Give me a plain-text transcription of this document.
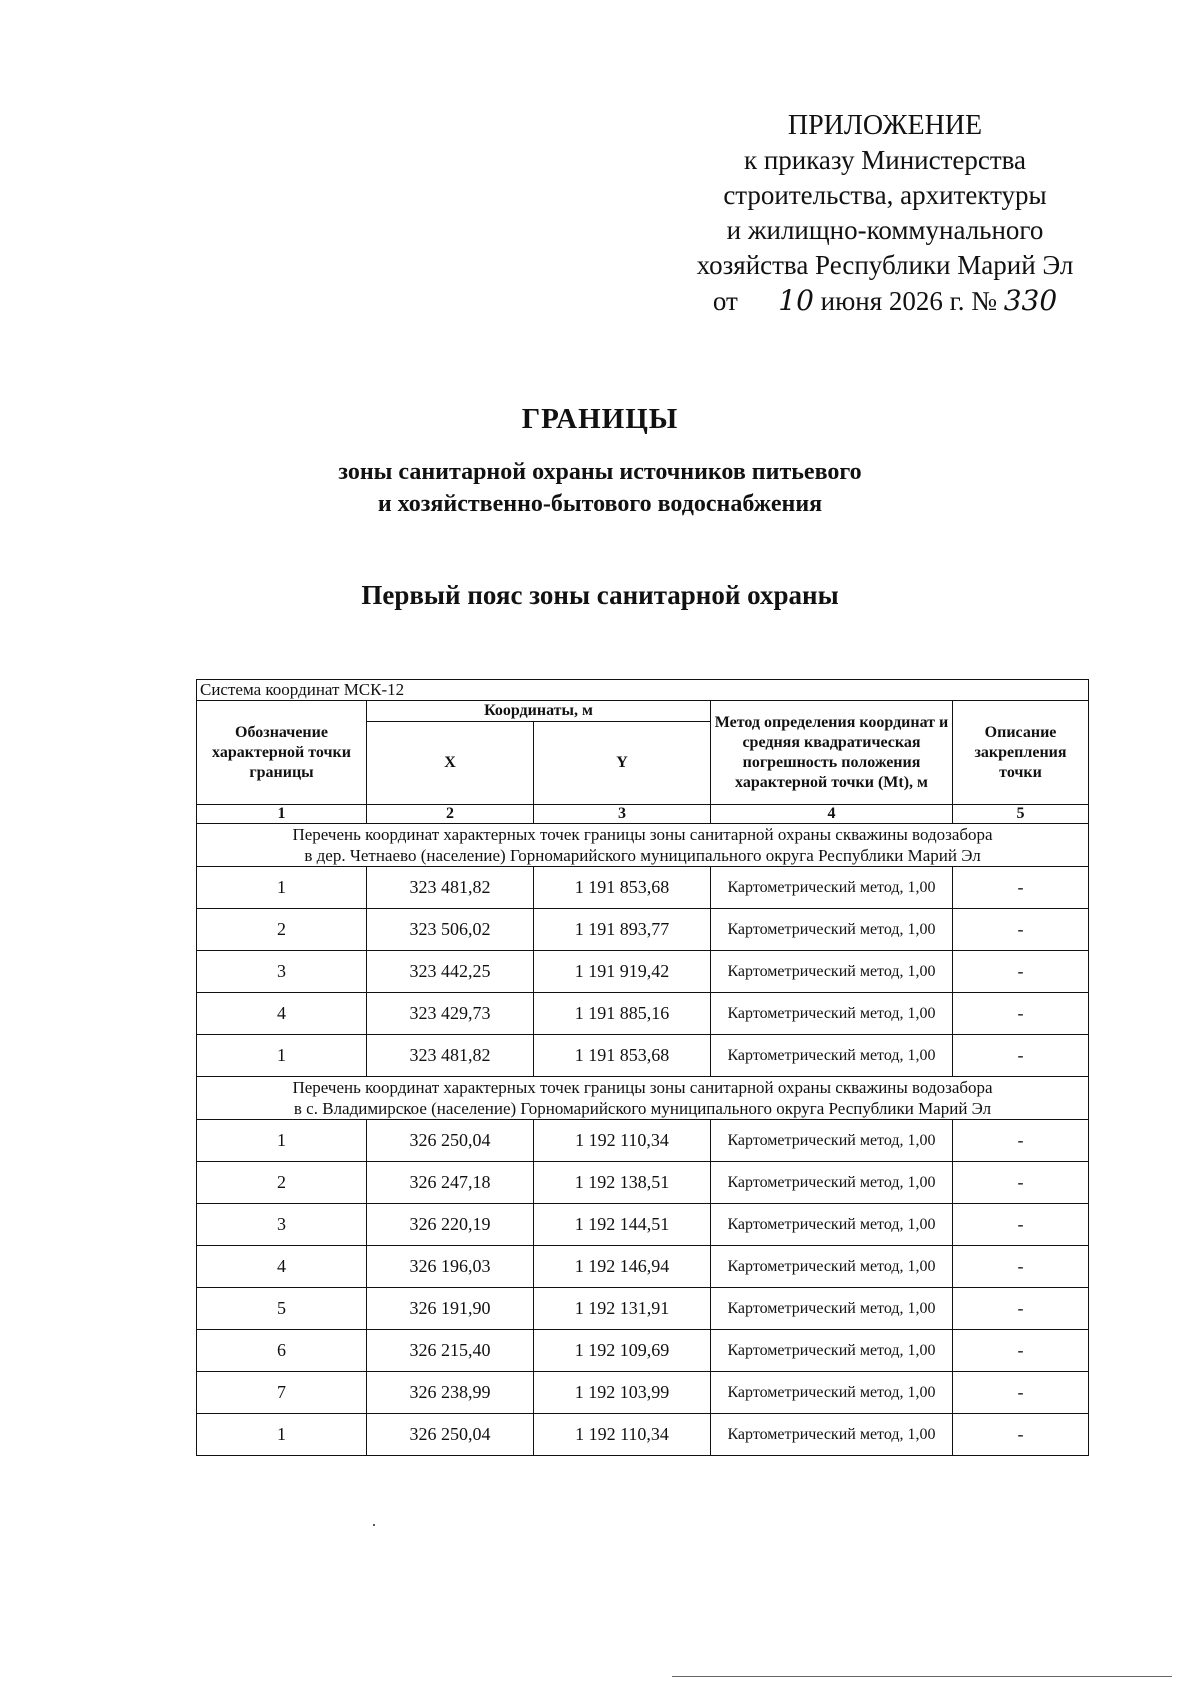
ПРИЛОЖЕНИЕ
к приказу Министерства
строительства, архитектуры
и жилищно-коммунального
хозяйства Республики Марий Эл
от 10 июня 2026 г. № 330
ГРАНИЦЫ
зоны санитарной охраны источников питьевого
и хозяйственно-бытового водоснабжения
Первый пояс зоны санитарной охраны
Система координат МСК-12				
Обозначение характерной точки границы	Координаты, м		Метод определения координат и средняя квадратическая погрешность положения характерной точки (Mt), м	Описание закрепления точки
	X	Y		
1	2	3	4	5

Перечень координат характерных точек границы зоны санитарной охраны скважины водозабора
в дер. Четнаево (население) Горномарийского муниципального округа Республики Марий Эл				

1	323 481,82	1 191 853,68	Картометрический метод, 1,00	-
2	323 506,02	1 191 893,77	Картометрический метод, 1,00	-
3	323 442,25	1 191 919,42	Картометрический метод, 1,00	-
4	323 429,73	1 191 885,16	Картометрический метод, 1,00	-
1	323 481,82	1 191 853,68	Картометрический метод, 1,00	-

Перечень координат характерных точек границы зоны санитарной охраны скважины водозабора
в с. Владимирское (население) Горномарийского муниципального округа Республики Марий Эл				

1	326 250,04	1 192 110,34	Картометрический метод, 1,00	-
2	326 247,18	1 192 138,51	Картометрический метод, 1,00	-
3	326 220,19	1 192 144,51	Картометрический метод, 1,00	-
4	326 196,03	1 192 146,94	Картометрический метод, 1,00	-
5	326 191,90	1 192 131,91	Картометрический метод, 1,00	-
6	326 215,40	1 192 109,69	Картометрический метод, 1,00	-
7	326 238,99	1 192 103,99	Картометрический метод, 1,00	-
1	326 250,04	1 192 110,34	Картометрический метод, 1,00	-
